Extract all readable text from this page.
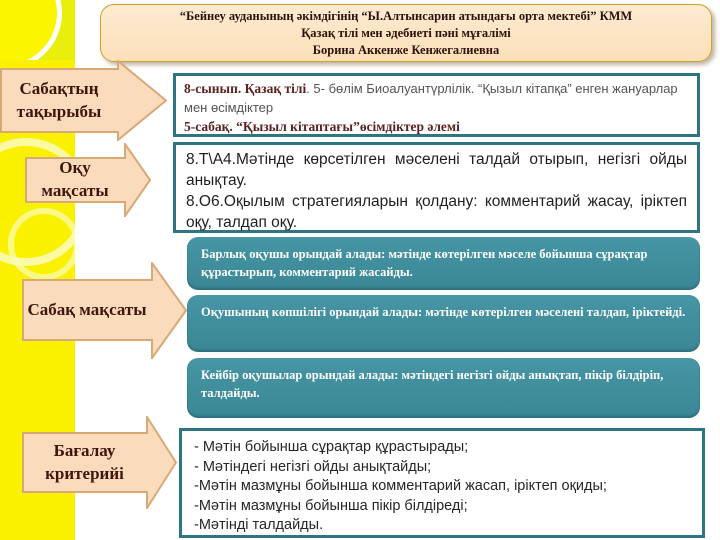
“Бейнеу ауданының әкімдігінің “Ы.Алтынсарин атындағы орта мектебі” КММ
Қазақ тілі мен әдебиеті пәні мұғалімі
Борина Аккенже Кенжегалиевна
Сабақтың тақырыбы
Оқу мақсаты
Сабақ мақсаты
Бағалау критерийі
8-сынып. Қазақ тілі. 5- бөлім Биоалуантүрлілік. “Қызыл кітапқа” енген жануарлар мен өсімдіктер
5-сабақ. “Қызыл кітаптағы”өсімдіктер әлемі

8.Т\А4.Мәтінде көрсетілген мәселені талдай отырып, негізгі ойды анықтау.

8.О6.Оқылым стратегияларын қолдану: комментарий жасау, іріктеп оқу, талдап оқу.

Барлық оқушы орындай алады: мәтінде көтерілген мәселе бойынша сұрақтар құрастырып, комментарий жасайды.
Оқушының көпшілігі орындай алады: мәтінде көтерілген мәселені талдап, іріктейді.
Кейбір оқушылар орындай алады: мәтіндегі негізгі ойды анықтап, пікір білдіріп, талдайды.
- Мәтін бойынша сұрақтар құрастырады;
- Мәтіндегі негізгі ойды анықтайды;
-Мәтін мазмұны бойынша комментарий жасап, іріктеп оқиды;
-Мәтін мазмұны бойынша пікір білдіреді;
-Мәтінді талдайды.
